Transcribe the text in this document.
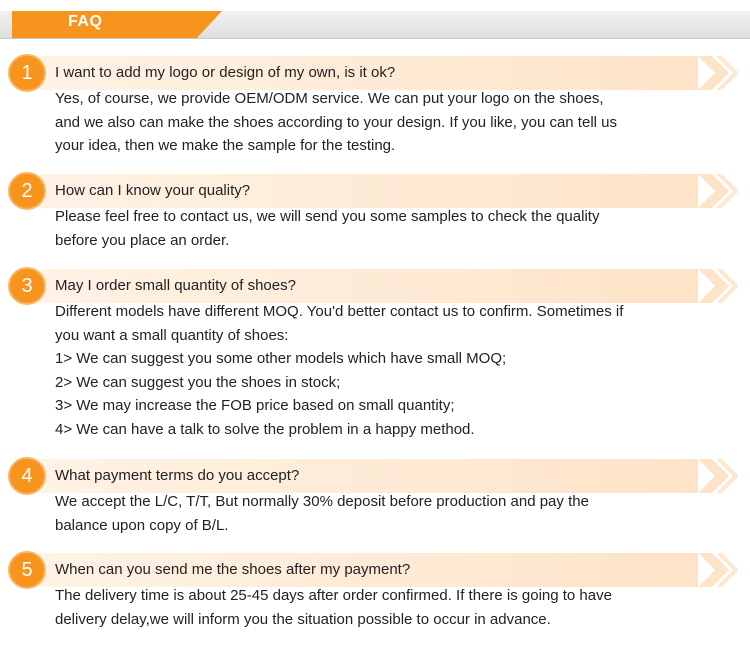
FAQ
1	I want to add my logo or design of my own, is it ok?
Yes, of course, we provide OEM/ODM service. We can put your logo on the shoes,
and we also can make the shoes according to your design. If you like, you can tell us
your idea, then we make the sample for the testing.
2	How can I know your quality?
Please feel free to contact us, we will send you some samples to check the quality
before you place an order.
3	May I order small quantity of shoes?
Different models have different MOQ. You'd better contact us to confirm. Sometimes if
you want a small quantity of shoes:
1> We can suggest you some other models which have small MOQ;
2> We can suggest you the shoes in stock;
3> We may increase the FOB price based on small quantity;
4> We can have a talk to solve the problem in a happy method.
4	What payment terms do you accept?
We accept the L/C, T/T, But normally 30% deposit before production and pay the
balance upon copy of B/L.
5	When can you send me the shoes after my payment?
The delivery time is about 25-45 days after order confirmed. If there is going to have
delivery delay,we will inform you the situation possible to occur in advance.
